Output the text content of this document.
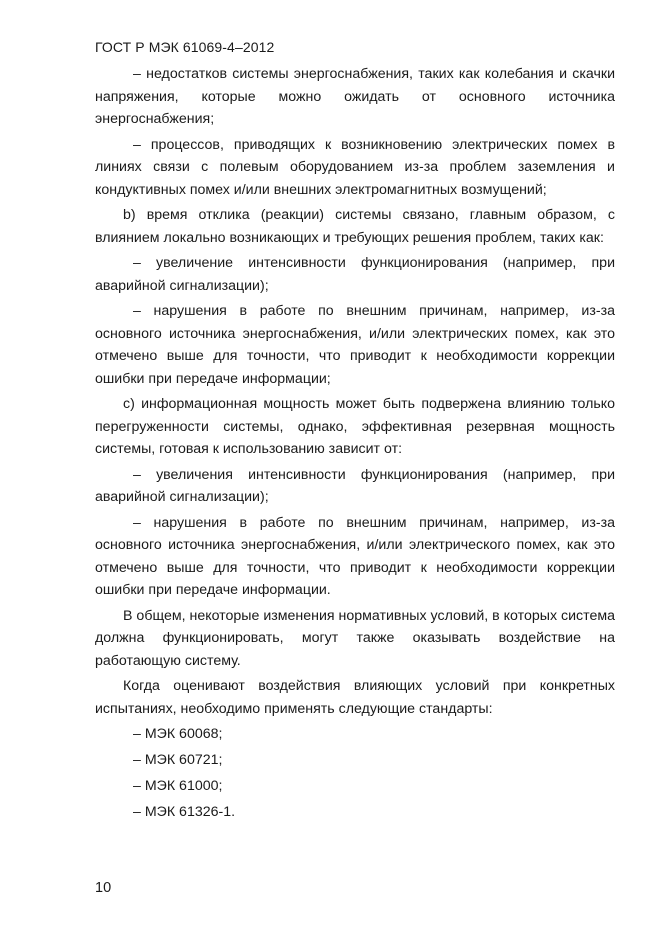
ГОСТ Р МЭК 61069-4–2012

– недостатков системы энергоснабжения, таких как колебания и скачки напряжения, которые можно ожидать от основного источника энергоснабжения;

– процессов, приводящих к возникновению электрических помех в линиях связи с полевым оборудованием из-за проблем заземления и кондуктивных помех и/или внешних электромагнитных возмущений;

b) время отклика (реакции) системы связано, главным образом, с влиянием локально возникающих и требующих решения проблем, таких как:

– увеличение интенсивности функционирования (например, при аварийной сигнализации);

– нарушения в работе по внешним причинам, например, из-за основного источника энергоснабжения, и/или электрических помех, как это отмечено выше для точности, что приводит к необходимости коррекции ошибки при передаче информации;

c) информационная мощность может быть подвержена влиянию только перегруженности системы, однако, эффективная резервная мощность системы, готовая к использованию зависит от:

– увеличения интенсивности функционирования (например, при аварийной сигнализации);

– нарушения в работе по внешним причинам, например, из-за основного источника энергоснабжения, и/или электрического помех, как это отмечено выше для точности, что приводит к необходимости коррекции ошибки при передаче информации.

В общем, некоторые изменения нормативных условий, в которых система должна функционировать, могут также оказывать воздействие на работающую систему.

Когда оценивают воздействия влияющих условий при конкретных испытаниях, необходимо применять следующие стандарты:

– МЭК 60068;

– МЭК 60721;

– МЭК 61000;

– МЭК 61326-1.

10
